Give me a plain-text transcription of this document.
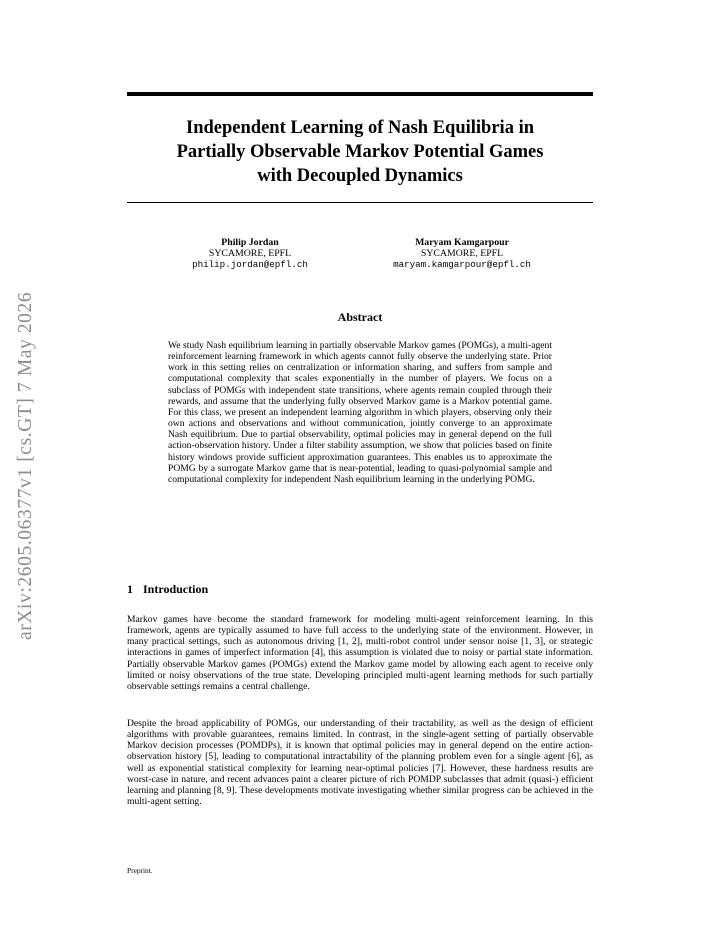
arXiv:2605.06377v1 [cs.GT] 7 May 2026
Independent Learning of Nash Equilibria in
Partially Observable Markov Potential Games
with Decoupled Dynamics
Philip Jordan
SYCAMORE, EPFL
philip.jordan@epfl.ch
Maryam Kamgarpour
SYCAMORE, EPFL
maryam.kamgarpour@epfl.ch
Abstract
We study Nash equilibrium learning in partially observable Markov games (POMGs), a multi-agent reinforcement learning framework in which agents cannot fully observe the underlying state. Prior work in this setting relies on centralization or information sharing, and suffers from sample and computational complexity that scales exponentially in the number of players. We focus on a subclass of POMGs with independent state transitions, where agents remain coupled through their rewards, and assume that the underlying fully observed Markov game is a Markov potential game. For this class, we present an independent learning algorithm in which players, observing only their own actions and observations and without communication, jointly converge to an approximate Nash equilibrium. Due to partial observability, optimal policies may in general depend on the full action-observation history. Under a filter stability assumption, we show that policies based on finite history windows provide sufficient approximation guarantees. This enables us to approximate the POMG by a surrogate Markov game that is near-potential, leading to quasi-polynomial sample and computational complexity for independent Nash equilibrium learning in the underlying POMG.
1 Introduction

Markov games have become the standard framework for modeling multi-agent reinforcement learning. In this framework, agents are typically assumed to have full access to the underlying state of the environment. However, in many practical settings, such as autonomous driving [1, 2], multi-robot control under sensor noise [1, 3], or strategic interactions in games of imperfect information [4], this assumption is violated due to noisy or partial state information. Partially observable Markov games (POMGs) extend the Markov game model by allowing each agent to receive only limited or noisy observations of the true state. Developing principled multi-agent learning methods for such partially observable settings remains a central challenge.

Despite the broad applicability of POMGs, our understanding of their tractability, as well as the design of efficient algorithms with provable guarantees, remains limited. In contrast, in the single-agent setting of partially observable Markov decision processes (POMDPs), it is known that optimal policies may in general depend on the entire action-observation history [5], leading to computational intractability of the planning problem even for a single agent [6], as well as exponential statistical complexity for learning near-optimal policies [7]. However, these hardness results are worst-case in nature, and recent advances paint a clearer picture of rich POMDP subclasses that admit (quasi-) efficient learning and planning [8, 9]. These developments motivate investigating whether similar progress can be achieved in the multi-agent setting.

Preprint.
